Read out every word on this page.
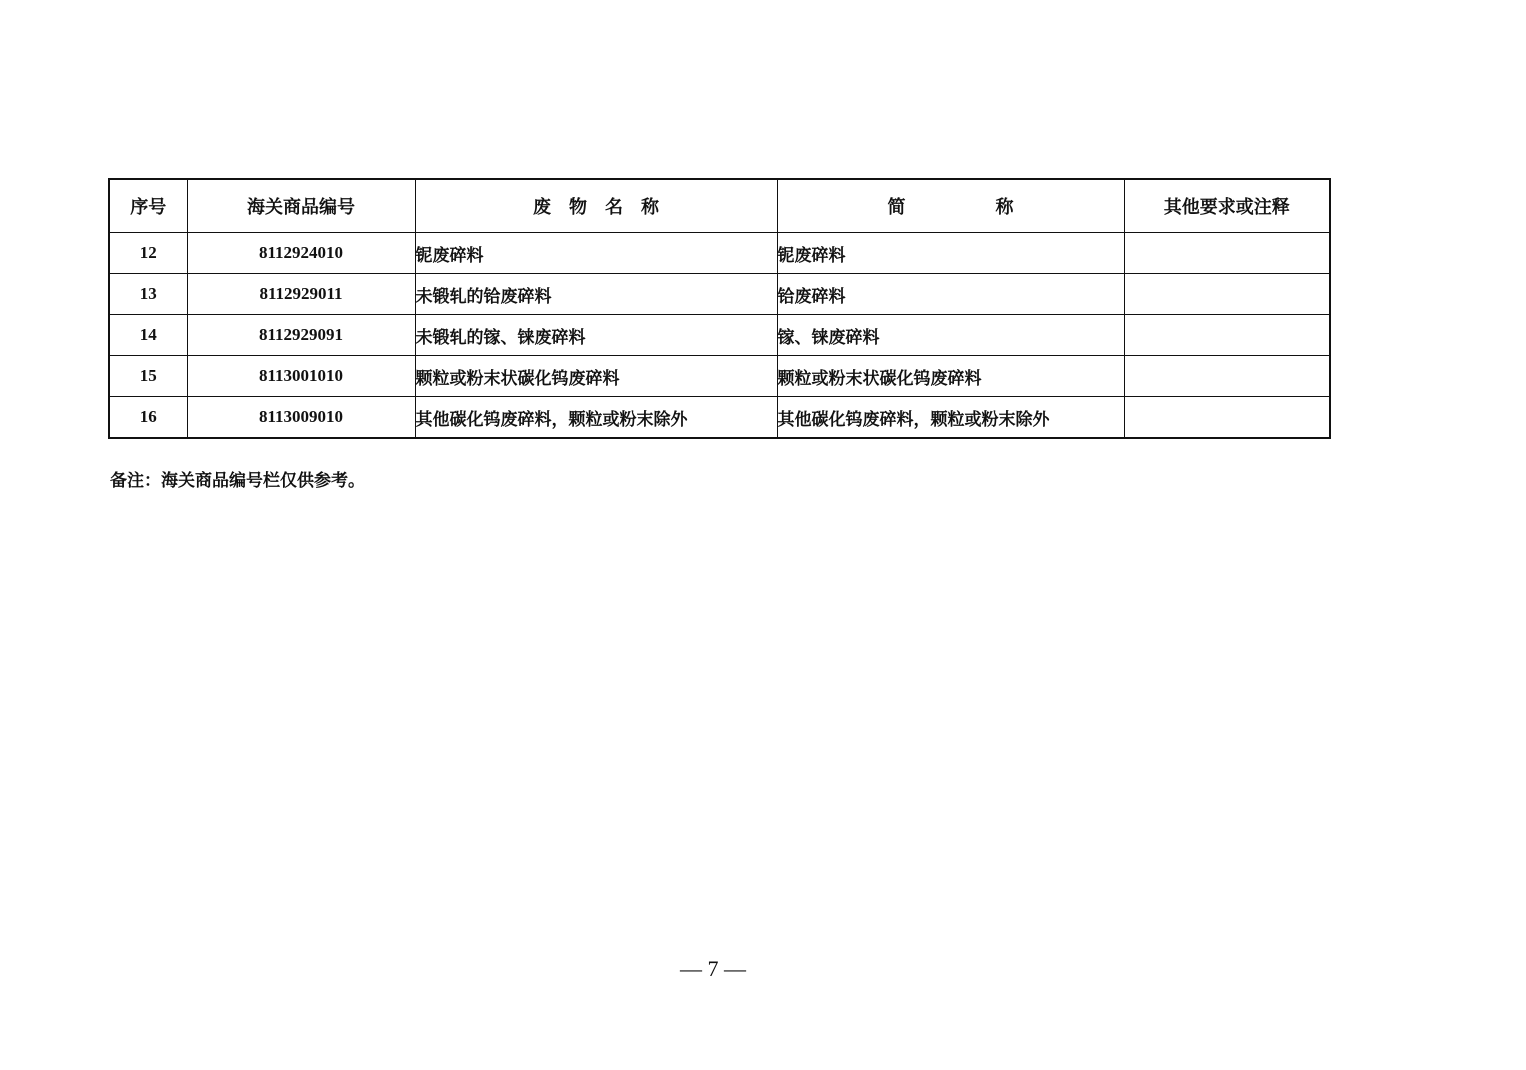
序号	海关商品编号	废物名称	简称	其他要求或注释
12	8112924010	铌废碎料	铌废碎料	
13	8112929011	未锻轧的铪废碎料	铪废碎料	
14	8112929091	未锻轧的镓、铼废碎料	镓、铼废碎料	
15	8113001010	颗粒或粉末状碳化钨废碎料	颗粒或粉末状碳化钨废碎料	
16	8113009010	其他碳化钨废碎料，颗粒或粉末除外	其他碳化钨废碎料，颗粒或粉末除外	
备注：海关商品编号栏仅供参考。
— 7 —
